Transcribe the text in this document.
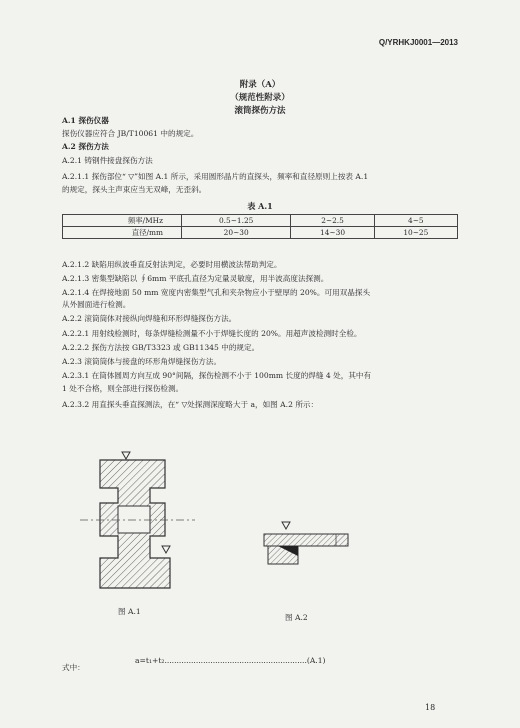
Q/YRHKJ0001—2013
附录（A）
（规范性附录）
滚筒探伤方法
A.1 探伤仪器
探伤仪器应符合 JB/T10061 中的规定。
A.2 探伤方法
A.2.1 铸钢件接盘探伤方法
A.2.1.1 探伤部位“ ▽”如图 A.1 所示，采用圆形晶片的直探头，频率和直径原则上按表 A.1
的规定，探头主声束应当无双峰，无歪斜。
表 A.1
频率/MHz	0.5~1.25	2~2.5	4~5
直径/mm	20~30	14~30	10~25
A.2.1.2 缺陷用纵波垂直反射法判定，必要时用横波法帮助判定。
A.2.1.3 密集型缺陷以 ∮6mm 平底孔直径为定量灵敏度，用半波高度法探测。
A.2.1.4 在焊接地面 50 mm 宽度内密集型气孔和夹杂物应小于壁厚的 20%。可用双晶探头
从外圆面进行检测。
A.2.2 滚筒筒体对接纵向焊缝和环形焊缝探伤方法。
A.2.2.1 用射线检测时，每条焊缝检测量不小于焊缝长度的 20%。用超声波检测时全检。
A.2.2.2 探伤方法按 GB/T3323 或 GB11345 中的规定。
A.2.3 滚筒筒体与接盘的环形角焊缝探伤方法。
A.2.3.1 在筒体圆周方向互成 90°间隔，探伤检测不小于 100mm 长度的焊缝 4 处，其中有
1 处不合格，则全部进行探伤检测。
A.2.3.2 用直探头垂直探测法，在“ ▽处探测深度略大于 a，如图 A.2 所示：
图 A.1
图 A.2
a=t₁+t₂...........................................................(A.1)
式中：
18
